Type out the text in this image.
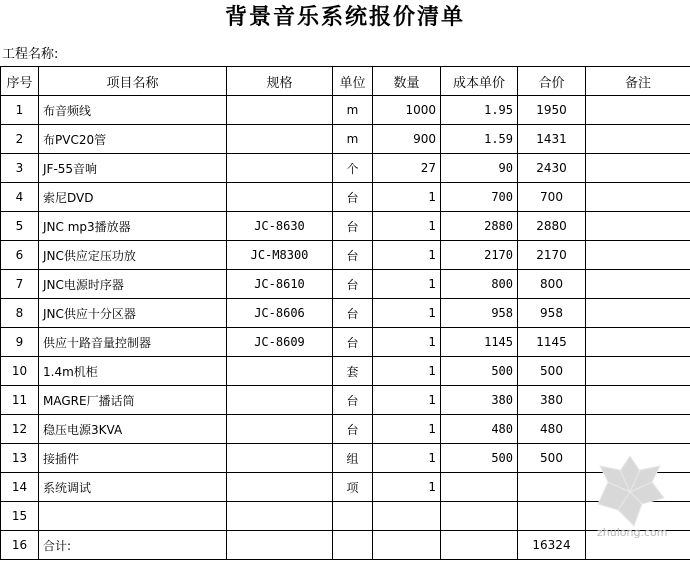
背景音乐系统报价清单
工程名称:
序号	项目名称	规格	单位	数量	成本单价	合价	备注
1	布音频线		m	1000	1.95	1950	
2	布PVC20管		m	900	1.59	1431	
3	JF-55音响		个	27	90	2430	
4	索尼DVD		台	1	700	700	
5	JNC mp3播放器	JC-8630	台	1	2880	2880	
6	JNC供应定压功放	JC-M8300	台	1	2170	2170	
7	JNC电源时序器	JC-8610	台	1	800	800	
8	JNC供应十分区器	JC-8606	台	1	958	958	
9	供应十路音量控制器	JC-8609	台	1	1145	1145	
10	1.4m机柜		套	1	500	500	
11	MAGRE厂播话筒		台	1	380	380	
12	稳压电源3KVA		台	1	480	480	
13	接插件		组	1	500	500	
14	系统调试		项	1			
15							
16	合计:					16324	
zhulong.com
